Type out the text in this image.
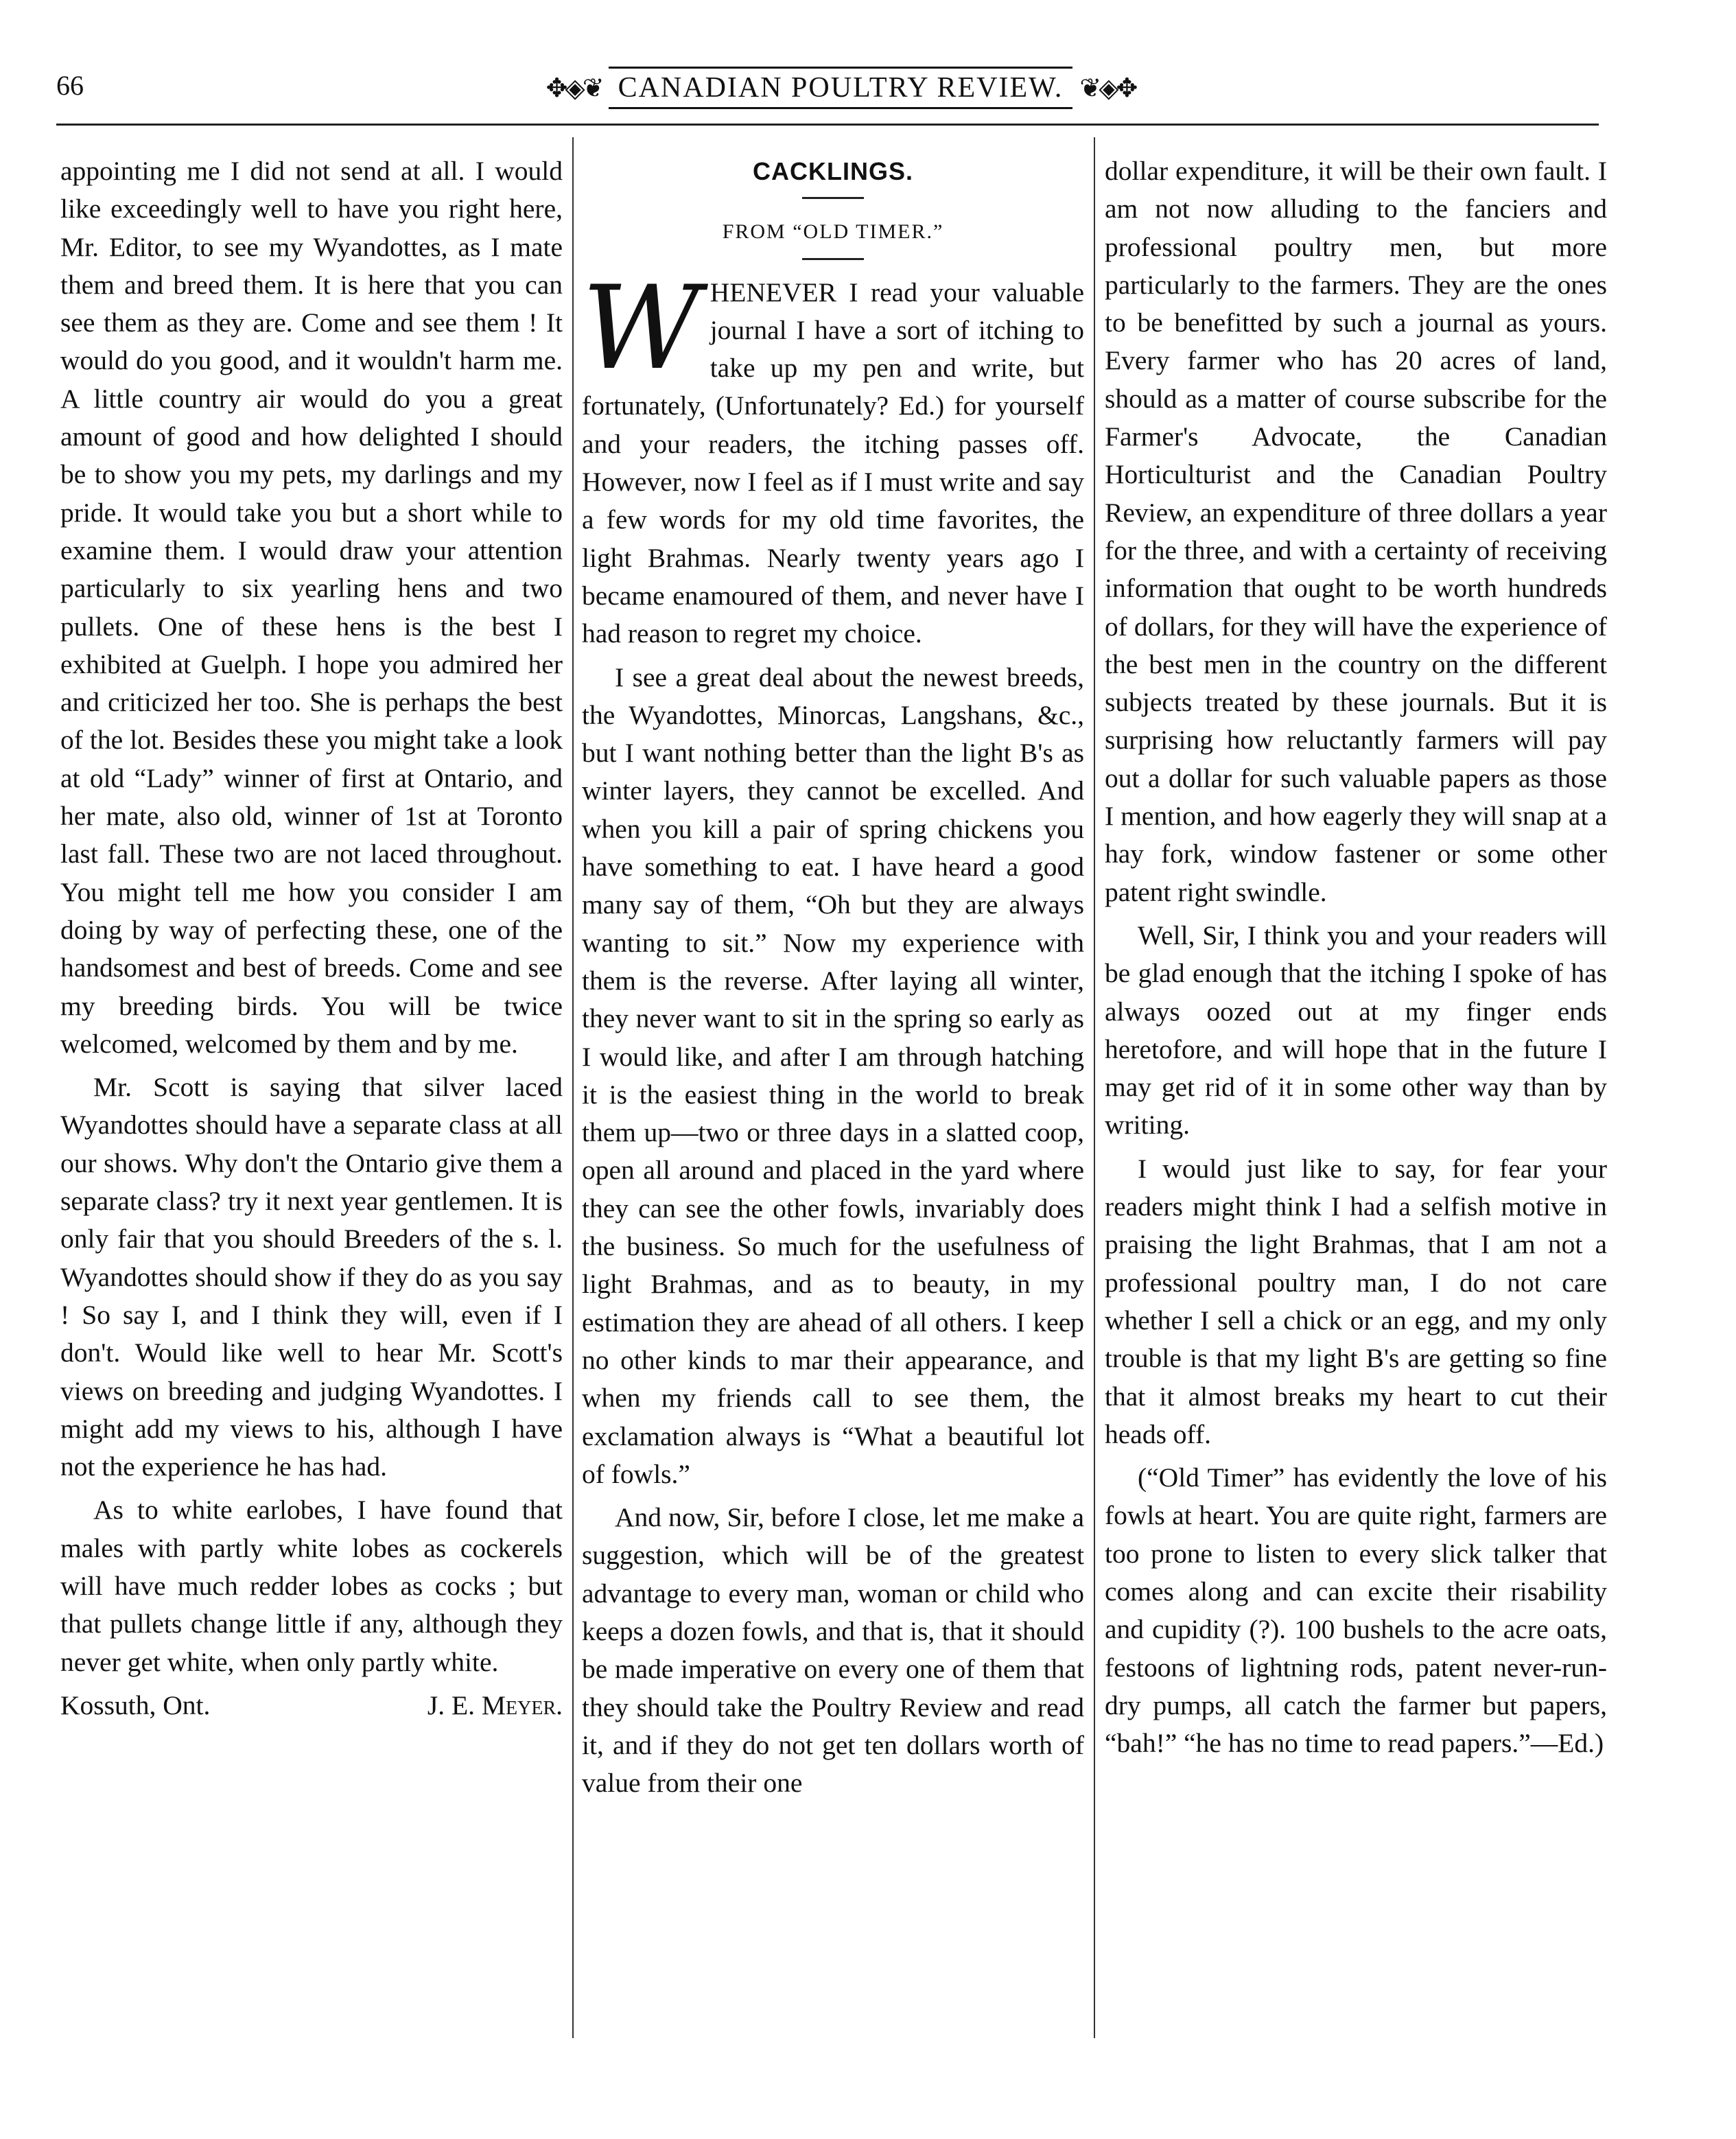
66	✥◈❦ CANADIAN POULTRY REVIEW. ❦◈✥

appointing me I did not send at all. I would like exceedingly well to have you right here, Mr. Editor, to see my Wyandottes, as I mate them and breed them. It is here that you can see them as they are. Come and see them ! It would do you good, and it wouldn't harm me. A little country air would do you a great amount of good and how delighted I should be to show you my pets, my darlings and my pride. It would take you but a short while to examine them. I would draw your attention particularly to six yearling hens and two pullets. One of these hens is the best I exhibited at Guelph. I hope you admired her and criticized her too. She is perhaps the best of the lot. Besides these you might take a look at old “Lady” winner of first at Ontario, and her mate, also old, winner of 1st at Toronto last fall. These two are not laced throughout. You might tell me how you consider I am doing by way of perfecting these, one of the handsomest and best of breeds. Come and see my breeding birds. You will be twice welcomed, welcomed by them and by me.

Mr. Scott is saying that silver laced Wyandottes should have a separate class at all our shows. Why don't the Ontario give them a separate class? try it next year gentlemen. It is only fair that you should Breeders of the s. l. Wyandottes should show if they do as you say ! So say I, and I think they will, even if I don't. Would like well to hear Mr. Scott's views on breeding and judging Wyandottes. I might add my views to his, although I have not the experience he has had.

As to white earlobes, I have found that males with partly white lobes as cockerels will have much redder lobes as cocks ; but that pullets change little if any, although they never get white, when only partly white.

Kossuth, Ont.	J. E. Meyer.
CACKLINGS.
FROM “OLD TIMER.”

WHENEVER I read your valuable journal I have a sort of itching to take up my pen and write, but fortunately, (Unfortunately? Ed.) for yourself and your readers, the itching passes off. However, now I feel as if I must write and say a few words for my old time favorites, the light Brahmas. Nearly twenty years ago I became enamoured of them, and never have I had reason to regret my choice.

I see a great deal about the newest breeds, the Wyandottes, Minorcas, Langshans, &c., but I want nothing better than the light B's as winter layers, they cannot be excelled. And when you kill a pair of spring chickens you have something to eat. I have heard a good many say of them, “Oh but they are always wanting to sit.” Now my experience with them is the reverse. After laying all winter, they never want to sit in the spring so early as I would like, and after I am through hatching it is the easiest thing in the world to break them up—two or three days in a slatted coop, open all around and placed in the yard where they can see the other fowls, invariably does the business. So much for the usefulness of light Brahmas, and as to beauty, in my estimation they are ahead of all others. I keep no other kinds to mar their appearance, and when my friends call to see them, the exclamation always is “What a beautiful lot of fowls.”

And now, Sir, before I close, let me make a suggestion, which will be of the greatest advantage to every man, woman or child who keeps a dozen fowls, and that is, that it should be made imperative on every one of them that they should take the Poultry Review and read it, and if they do not get ten dollars worth of value from their one

dollar expenditure, it will be their own fault. I am not now alluding to the fanciers and professional poultry men, but more particularly to the farmers. They are the ones to be benefitted by such a journal as yours. Every farmer who has 20 acres of land, should as a matter of course subscribe for the Farmer's Advocate, the Canadian Horticulturist and the Canadian Poultry Review, an expenditure of three dollars a year for the three, and with a certainty of receiving information that ought to be worth hundreds of dollars, for they will have the experience of the best men in the country on the different subjects treated by these journals. But it is surprising how reluctantly farmers will pay out a dollar for such valuable papers as those I mention, and how eagerly they will snap at a hay fork, window fastener or some other patent right swindle.

Well, Sir, I think you and your readers will be glad enough that the itching I spoke of has always oozed out at my finger ends heretofore, and will hope that in the future I may get rid of it in some other way than by writing.

I would just like to say, for fear your readers might think I had a selfish motive in praising the light Brahmas, that I am not a professional poultry man, I do not care whether I sell a chick or an egg, and my only trouble is that my light B's are getting so fine that it almost breaks my heart to cut their heads off.

(“Old Timer” has evidently the love of his fowls at heart. You are quite right, farmers are too prone to listen to every slick talker that comes along and can excite their risability and cupidity (?). 100 bushels to the acre oats, festoons of lightning rods, patent never-run-dry pumps, all catch the farmer but papers, “bah!” “he has no time to read papers.”—Ed.)
